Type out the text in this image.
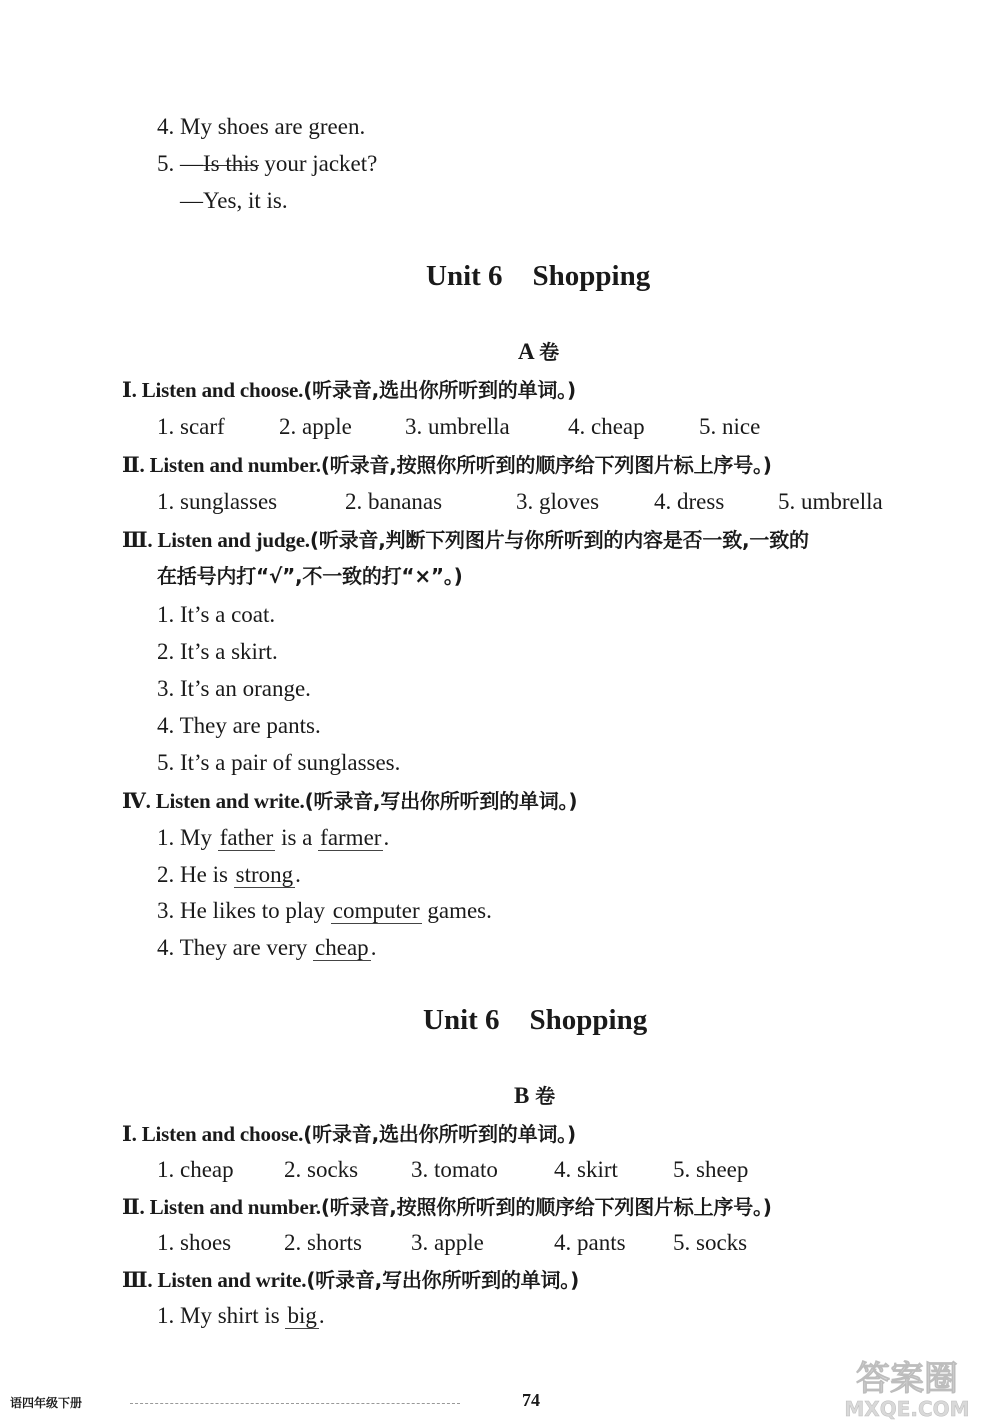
4. My shoes are green.
5. —Is this your jacket?
—Yes, it is.
Unit 6 Shopping
A 卷
Ⅰ. Listen and choose.(听录音,选出你所听到的单词。)
1. scarf 2. apple 3. umbrella	4. cheap 5. nice
Ⅱ. Listen and number.(听录音,按照你所听到的顺序给下列图片标上序号。)
1. sunglasses	2. bananas	3. gloves 4. dress 5. umbrella
Ⅲ. Listen and judge.(听录音,判断下列图片与你所听到的内容是否一致,一致的
在括号内打“√”,不一致的打“×”。)
1. It’s a coat.
2. It’s a skirt.
3. It’s an orange.
4. They are pants.
5. It’s a pair of sunglasses.
Ⅳ. Listen and write.(听录音,写出你所听到的单词。)
1. My father is a farmer.
2. He is strong.
3. He likes to play computer games.
4. They are very cheap.
Unit 6 Shopping
B 卷
Ⅰ. Listen and choose.(听录音,选出你所听到的单词。)
1. cheap 2. socks 3. tomato 4. skirt 5. sheep
Ⅱ. Listen and number.(听录音,按照你所听到的顺序给下列图片标上序号。)
1. shoes 2. shorts 3. apple	4. pants 5. socks
Ⅲ. Listen and write.(听录音,写出你所听到的单词。)
1. My shirt is big.
语四年级下册	74
答案圈
MXQE.COM
